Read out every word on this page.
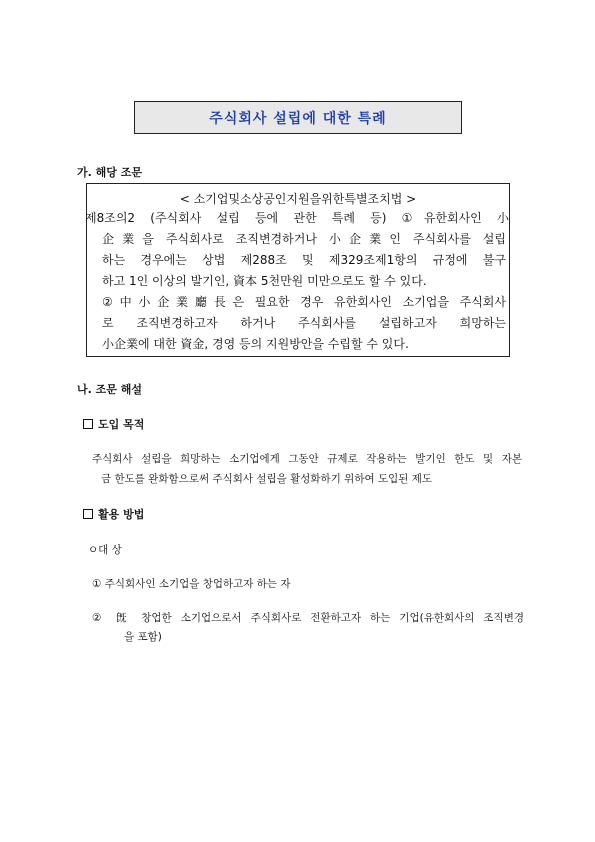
주식회사 설립에 대한 특례
가. 해당 조문
< 소기업및소상공인지원을위한특별조치법 >
제8조의2 (주식회사 설립 등에 관한 특례 등) ①유한회사인 小
企業을 주식회사로 조직변경하거나 小企業인 주식회사를 설립
하는 경우에는 상법 제288조 및 제329조제1항의 규정에 불구
하고 1인 이상의 발기인, 資本 5천만원 미만으로도 할 수 있다.
②中小企業廳長은 필요한 경우 유한회사인 소기업을 주식회사
로 조직변경하고자 하거나 주식회사를 설립하고자 희망하는
小企業에 대한 資金, 경영 등의 지원방안을 수립할 수 있다.
나. 조문 해설
도입 목적
주식회사 설립을 희망하는 소기업에게 그동안 규제로 작용하는 발기인 한도 및 자본
금 한도를 완화함으로써 주식회사 설립을 활성화하기 위하여 도입된 제도
활용 방법
ㅇ대 상
① 주식회사인 소기업을 창업하고자 하는 자
② 旣 창업한 소기업으로서 주식회사로 전환하고자 하는 기업(유한회사의 조직변경
을 포함)
